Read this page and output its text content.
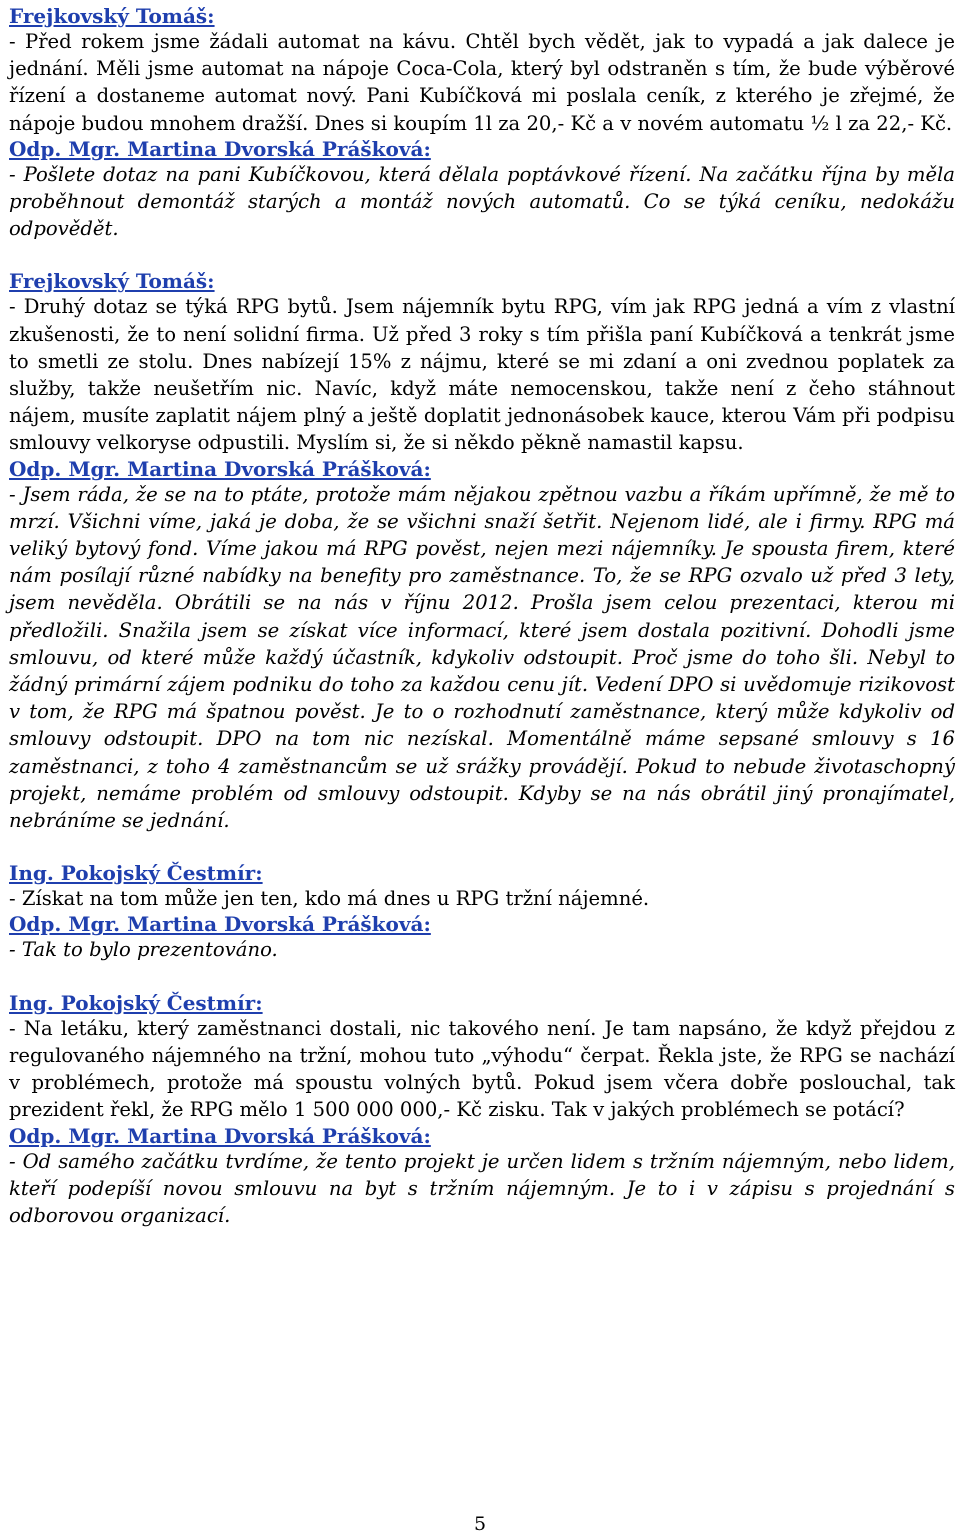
Frejkovský Tomáš:

- Před rokem jsme žádali automat na kávu. Chtěl bych vědět, jak to vypadá a jak dalece je jednání. Měli jsme automat na nápoje Coca-Cola, který byl odstraněn s tím, že bude výběrové řízení a dostaneme automat nový. Pani Kubíčková mi poslala ceník, z kterého je zřejmé, že nápoje budou mnohem dražší. Dnes si koupím 1l za 20,- Kč a v novém automatu ½ l za 22,- Kč.

Odp. Mgr. Martina Dvorská Prášková:

- Pošlete dotaz na pani Kubíčkovou, která dělala poptávkové řízení. Na začátku října by měla proběhnout demontáž starých a montáž nových automatů. Co se týká ceníku, nedokážu odpovědět.

Frejkovský Tomáš:

- Druhý dotaz se týká RPG bytů. Jsem nájemník bytu RPG, vím jak RPG jedná a vím z vlastní zkušenosti, že to není solidní firma. Už před 3 roky s tím přišla paní Kubíčková a tenkrát jsme to smetli ze stolu. Dnes nabízejí 15% z nájmu, které se mi zdaní a oni zvednou poplatek za služby, takže neušetřím nic. Navíc, když máte nemocenskou, takže není z čeho stáhnout nájem, musíte zaplatit nájem plný a ještě doplatit jednonásobek kauce, kterou Vám při podpisu smlouvy velkoryse odpustili. Myslím si, že si někdo pěkně namastil kapsu.

Odp. Mgr. Martina Dvorská Prášková:

- Jsem ráda, že se na to ptáte, protože mám nějakou zpětnou vazbu a říkám upřímně, že mě to mrzí. Všichni víme, jaká je doba, že se všichni snaží šetřit. Nejenom lidé, ale i firmy. RPG má veliký bytový fond. Víme jakou má RPG pověst, nejen mezi nájemníky. Je spousta firem, které nám posílají různé nabídky na benefity pro zaměstnance. To, že se RPG ozvalo už před 3 lety, jsem nevěděla. Obrátili se na nás v říjnu 2012. Prošla jsem celou prezentaci, kterou mi předložili. Snažila jsem se získat více informací, které jsem dostala pozitivní. Dohodli jsme smlouvu, od které může každý účastník, kdykoliv odstoupit. Proč jsme do toho šli. Nebyl to žádný primární zájem podniku do toho za každou cenu jít. Vedení DPO si uvědomuje rizikovost v tom, že RPG má špatnou pověst. Je to o rozhodnutí zaměstnance, který může kdykoliv od smlouvy odstoupit. DPO na tom nic nezískal. Momentálně máme sepsané smlouvy s 16 zaměstnanci, z toho 4 zaměstnancům se už srážky provádějí. Pokud to nebude životaschopný projekt, nemáme problém od smlouvy odstoupit. Kdyby se na nás obrátil jiný pronajímatel, nebráníme se jednání.

Ing. Pokojský Čestmír:

- Získat na tom může jen ten, kdo má dnes u RPG tržní nájemné.

Odp. Mgr. Martina Dvorská Prášková:

- Tak to bylo prezentováno.

Ing. Pokojský Čestmír:

- Na letáku, který zaměstnanci dostali, nic takového není. Je tam napsáno, že když přejdou z regulovaného nájemného na tržní, mohou tuto „výhodu“ čerpat. Řekla jste, že RPG se nachází v problémech, protože má spoustu volných bytů. Pokud jsem včera dobře poslouchal, tak prezident řekl, že RPG mělo 1 500 000 000,- Kč zisku. Tak v jakých problémech se potácí?

Odp. Mgr. Martina Dvorská Prášková:

- Od samého začátku tvrdíme, že tento projekt je určen lidem s tržním nájemným, nebo lidem, kteří podepíší novou smlouvu na byt s tržním nájemným. Je to i v zápisu s projednání s odborovou organizací.

5
